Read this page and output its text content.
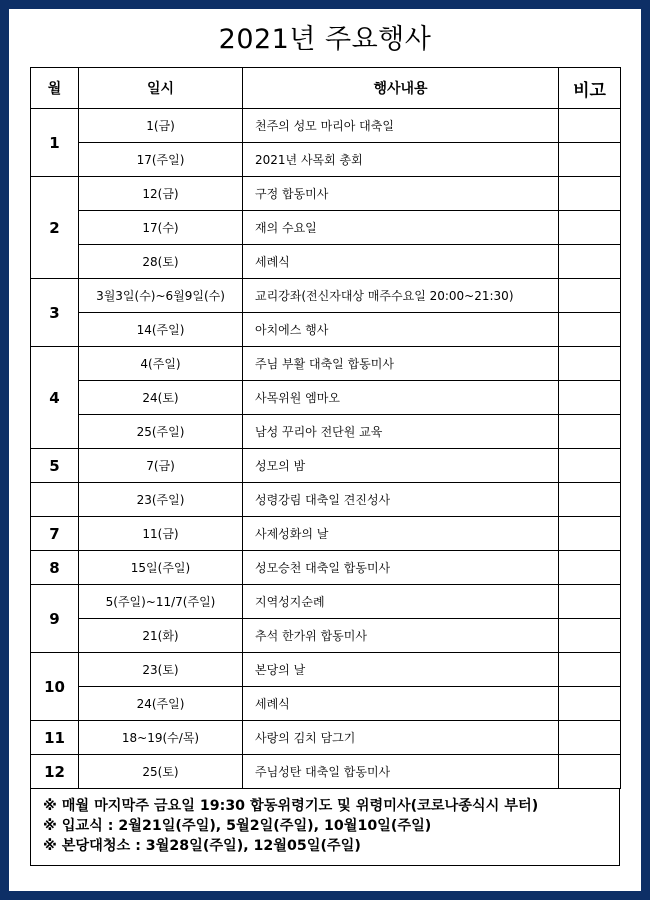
2021년 주요행사
월	일시	행사내용	비고
1	1(금)	천주의 성모 마리아 대축일	
	17(주일)	2021년 사목회 총회	
2	12(금)	구정 합동미사	
	17(수)	재의 수요일	
	28(토)	세례식	
3	3월3일(수)~6월9일(수)	교리강좌(전신자대상 매주수요일 20:00~21:30)	
	14(주일)	아치에스 행사	
4	4(주일)	주님 부활 대축일 합동미사	
	24(토)	사목위원 엠마오	
	25(주일)	남성 꾸리아 전단원 교육	
5	7(금)	성모의 밤	
	23(주일)	성령강림 대축일 견진성사	
7	11(금)	사제성화의 날	
8	15일(주일)	성모승천 대축일 합동미사	
9	5(주일)~11/7(주일)	지역성지순례	
	21(화)	추석 한가위 합동미사	
10	23(토)	본당의 날	
	24(주일)	세례식	
11	18~19(수/목)	사랑의 김치 담그기	
12	25(토)	주님성탄 대축일 합동미사	
※ 매월 마지막주 금요일 19:30 합동위령기도 및 위령미사(코로나종식시 부터)
※ 입교식 : 2월21일(주일), 5월2일(주일), 10월10일(주일)
※ 본당대청소 : 3월28일(주일), 12월05일(주일)
